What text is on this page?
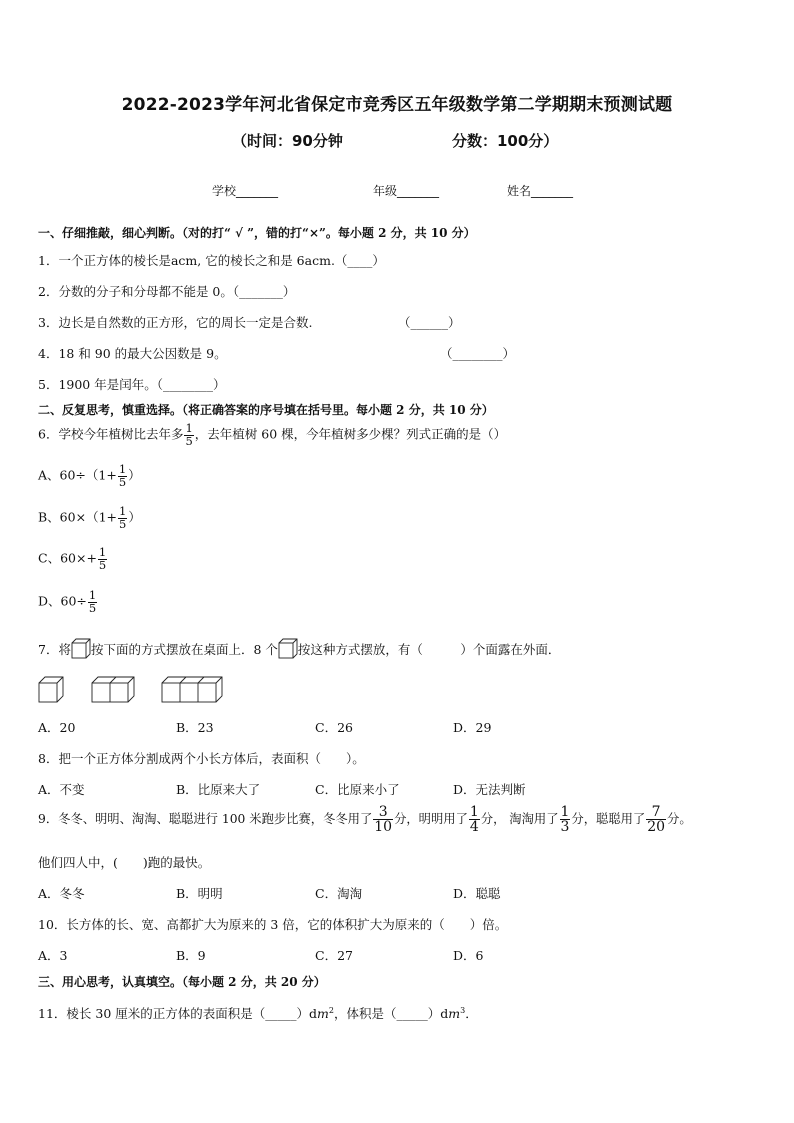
2022-2023学年河北省保定市竞秀区五年级数学第二学期期末预测试题
（时间：90分钟	分数：100分）
学校_______	年级_______	姓名_______
一、仔细推敲，细心判断。（对的打“ √ ”，错的打“×”。每小题 2 分，共 10 分）
1．一个正方体的棱长是acm, 它的棱长之和是 6acm.（____）
2．分数的分子和分母都不能是 0。（_______）
3．边长是自然数的正方形，它的周长一定是合数.	（______）
4．18 和 90 的最大公因数是 9。	（________）
5．1900 年是闰年。（________）
二、反复思考，慎重选择。（将正确答案的序号填在括号里。每小题 2 分，共 10 分）
6．学校今年植树比去年多 $\frac{1}{5}$ ，去年植树 60 棵，今年植树多少棵？列式正确的是（）
A、$60\div(1+ \frac{1}{5}$ ）
B、$60\times(1+ \frac{1}{5}$ ）
C、$60\times+ \frac{1}{5}$
D、$60\div \frac{1}{5}$
7．将 按下面的方式摆放在桌面上．8 个 按这种方式摆放，有（　　　）个面露在外面．
A．20	B．23	C．26	D．29
8．把一个正方体分割成两个小长方体后，表面积（　　）。
A．不变	B．比原来大了	C．比原来小了	D．无法判断
9．冬冬、明明、淘淘、聪聪进行 100 米跑步比赛，冬冬用了 $\frac{3}{10}$ 分，明明用了 $\frac{1}{4}$ 分， 淘淘用了 $\frac{1}{3}$ 分，聪聪用了 $\frac{7}{20}$ 分。
他们四人中，(　　)跑的最快。
A．冬冬	B．明明	C．淘淘	D．聪聪
10．长方体的长、宽、高都扩大为原来的 3 倍，它的体积扩大为原来的（　　）倍。
A．3	B．9	C．27	D．6
三、用心思考，认真填空。（每小题 2 分，共 20 分）
11．棱长 30 厘米的正方体的表面积是$(\_\_\_\_\_)dm^2$，体积是$(\_\_\_\_\_)dm^3$．
